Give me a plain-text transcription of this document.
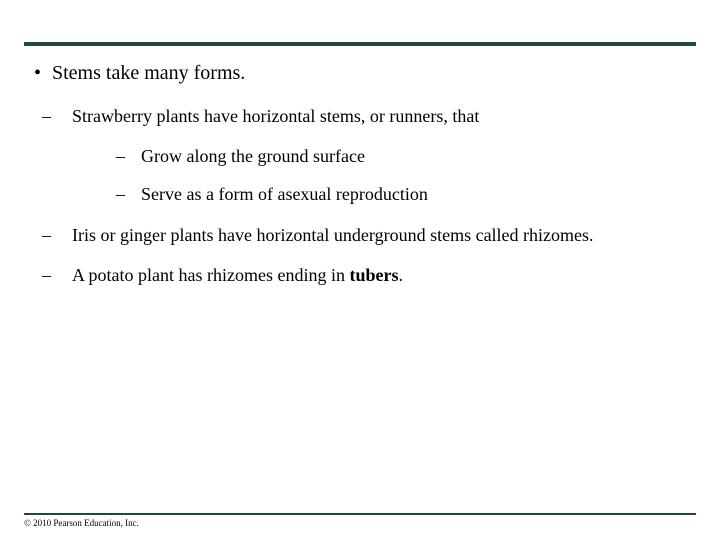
• Stems take many forms.
– Strawberry plants have horizontal stems, or runners, that
– Grow along the ground surface
– Serve as a form of asexual reproduction
– Iris or ginger plants have horizontal underground stems called rhizomes.
– A potato plant has rhizomes ending in tubers.
© 2010 Pearson Education, Inc.
